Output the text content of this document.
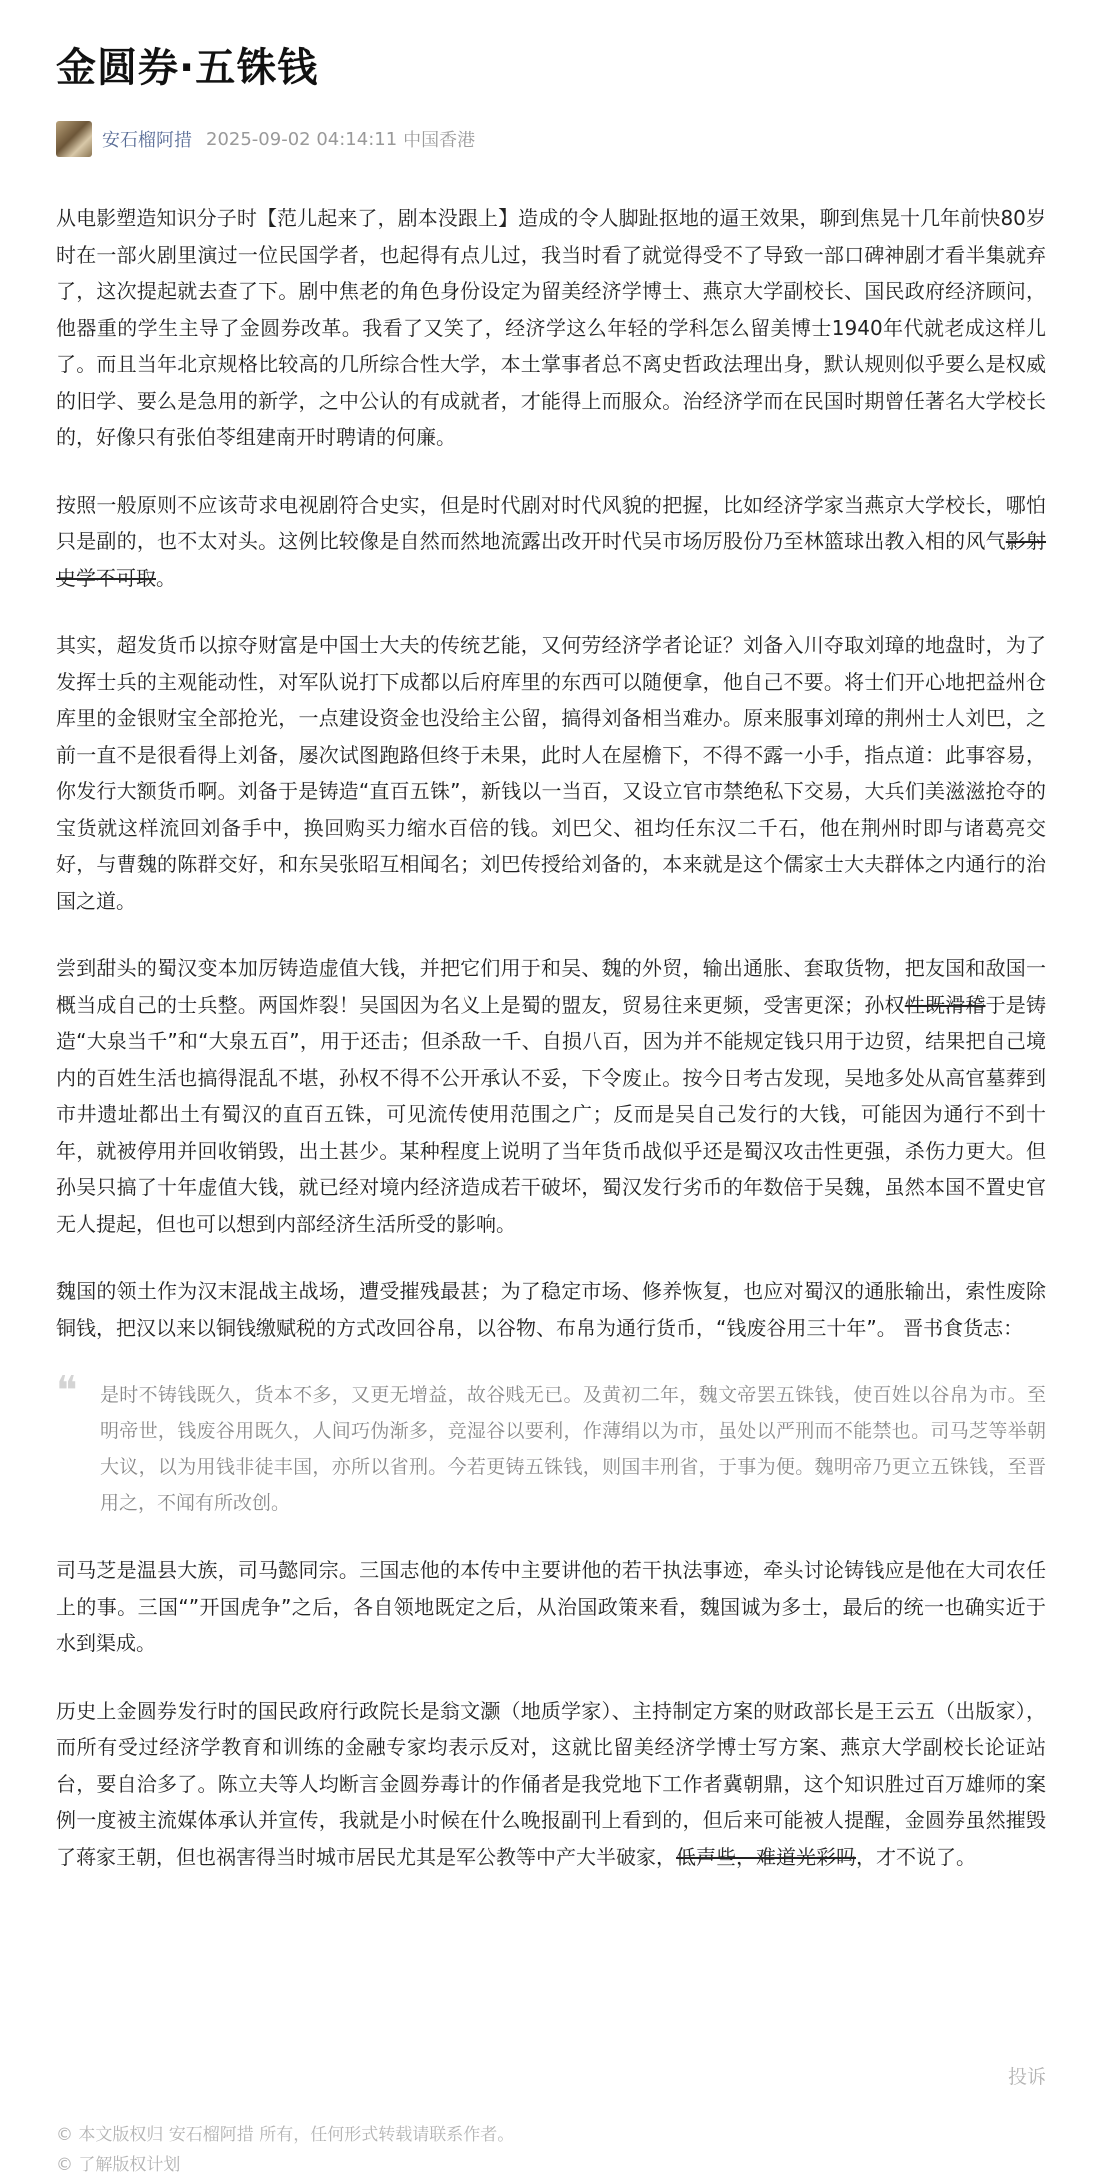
金圆券·五铢钱
安石榴阿措 2025-09-02 04:14:11 中国香港

从电影塑造知识分子时【范儿起来了，剧本没跟上】造成的令人脚趾抠地的逼王效果，聊到焦晃十几年前快80岁时在一部火剧里演过一位民国学者，也起得有点儿过，我当时看了就觉得受不了导致一部口碑神剧才看半集就弃了，这次提起就去查了下。剧中焦老的角色身份设定为留美经济学博士、燕京大学副校长、国民政府经济顾问，他器重的学生主导了金圆券改革。我看了又笑了，经济学这么年轻的学科怎么留美博士1940年代就老成这样儿了。而且当年北京规格比较高的几所综合性大学，本土掌事者总不离史哲政法理出身，默认规则似乎要么是权威的旧学、要么是急用的新学，之中公认的有成就者，才能得上而服众。治经济学而在民国时期曾任著名大学校长的，好像只有张伯苓组建南开时聘请的何廉。

按照一般原则不应该苛求电视剧符合史实，但是时代剧对时代风貌的把握，比如经济学家当燕京大学校长，哪怕只是副的，也不太对头。这例比较像是自然而然地流露出改开时代吴市场厉股份乃至林篮球出教入相的风气影射史学不可取。

其实，超发货币以掠夺财富是中国士大夫的传统艺能，又何劳经济学者论证？刘备入川夺取刘璋的地盘时，为了发挥士兵的主观能动性，对军队说打下成都以后府库里的东西可以随便拿，他自己不要。将士们开心地把益州仓库里的金银财宝全部抢光，一点建设资金也没给主公留，搞得刘备相当难办。原来服事刘璋的荆州士人刘巴，之前一直不是很看得上刘备，屡次试图跑路但终于未果，此时人在屋檐下，不得不露一小手，指点道：此事容易，你发行大额货币啊。刘备于是铸造“直百五铢”，新钱以一当百，又设立官市禁绝私下交易，大兵们美滋滋抢夺的宝货就这样流回刘备手中，换回购买力缩水百倍的钱。刘巴父、祖均任东汉二千石，他在荆州时即与诸葛亮交好，与曹魏的陈群交好，和东吴张昭互相闻名；刘巴传授给刘备的，本来就是这个儒家士大夫群体之内通行的治国之道。

尝到甜头的蜀汉变本加厉铸造虚值大钱，并把它们用于和吴、魏的外贸，输出通胀、套取货物，把友国和敌国一概当成自己的士兵整。两国炸裂！吴国因为名义上是蜀的盟友，贸易往来更频，受害更深；孙权性既滑稽于是铸造“大泉当千”和“大泉五百”，用于还击；但杀敌一千、自损八百，因为并不能规定钱只用于边贸，结果把自己境内的百姓生活也搞得混乱不堪，孙权不得不公开承认不妥，下令废止。按今日考古发现，吴地多处从高官墓葬到市井遗址都出土有蜀汉的直百五铢，可见流传使用范围之广；反而是吴自己发行的大钱，可能因为通行不到十年，就被停用并回收销毁，出土甚少。某种程度上说明了当年货币战似乎还是蜀汉攻击性更强，杀伤力更大。但孙吴只搞了十年虚值大钱，就已经对境内经济造成若干破坏，蜀汉发行劣币的年数倍于吴魏，虽然本国不置史官无人提起，但也可以想到内部经济生活所受的影响。

魏国的领土作为汉末混战主战场，遭受摧残最甚；为了稳定市场、修养恢复，也应对蜀汉的通胀输出，索性废除铜钱，把汉以来以铜钱缴赋税的方式改回谷帛，以谷物、布帛为通行货币，“钱废谷用三十年”。 晋书食货志：

❝ 是时不铸钱既久，货本不多，又更无增益，故谷贱无已。及黄初二年，魏文帝罢五铢钱，使百姓以谷帛为市。至明帝世，钱废谷用既久，人间巧伪渐多，竞湿谷以要利，作薄绢以为市，虽处以严刑而不能禁也。司马芝等举朝大议，以为用钱非徒丰国，亦所以省刑。今若更铸五铢钱，则国丰刑省，于事为便。魏明帝乃更立五铢钱，至晋用之，不闻有所改创。

司马芝是温县大族，司马懿同宗。三国志他的本传中主要讲他的若干执法事迹，牵头讨论铸钱应是他在大司农任上的事。三国“”开国虎争”之后，各自领地既定之后，从治国政策来看，魏国诚为多士，最后的统一也确实近于水到渠成。

历史上金圆券发行时的国民政府行政院长是翁文灏（地质学家）、主持制定方案的财政部长是王云五（出版家），而所有受过经济学教育和训练的金融专家均表示反对，这就比留美经济学博士写方案、燕京大学副校长论证站台，要自洽多了。陈立夫等人均断言金圆券毒计的作俑者是我党地下工作者冀朝鼎，这个知识胜过百万雄师的案例一度被主流媒体承认并宣传，我就是小时候在什么晚报副刊上看到的，但后来可能被人提醒，金圆券虽然摧毁了蒋家王朝，但也祸害得当时城市居民尤其是军公教等中产大半破家，低声些，难道光彩吗，才不说了。

投诉
© 本文版权归 安石榴阿措 所有，任何形式转载请联系作者。
© 了解版权计划
